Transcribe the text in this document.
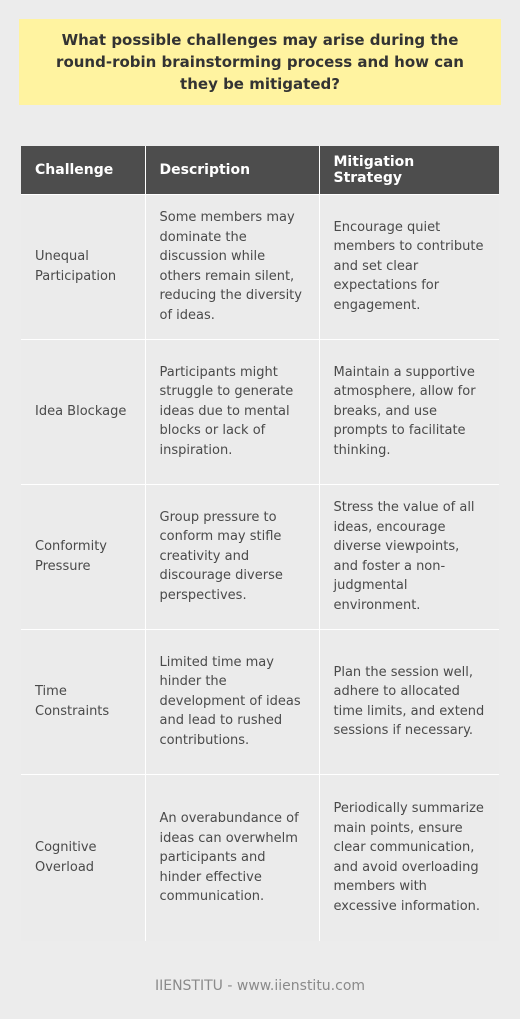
What possible challenges may arise during the round-robin brainstorming process and how can they be mitigated?

Challenge	Description	Mitigation Strategy
Unequal Participation	Some members may dominate the discussion while others remain silent, reducing the diversity of ideas.	Encourage quiet members to contribute and set clear expectations for engagement.
Idea Blockage	Participants might struggle to generate ideas due to mental blocks or lack of inspiration.	Maintain a supportive atmosphere, allow for breaks, and use prompts to facilitate thinking.
Conformity Pressure	Group pressure to conform may stifle creativity and discourage diverse perspectives.	Stress the value of all ideas, encourage diverse viewpoints, and foster a non-judgmental environment.
Time Constraints	Limited time may hinder the development of ideas and lead to rushed contributions.	Plan the session well, adhere to allocated time limits, and extend sessions if necessary.
Cognitive Overload	An overabundance of ideas can overwhelm participants and hinder effective communication.	Periodically summarize main points, ensure clear communication, and avoid overloading members with excessive information.
IIENSTITU - www.iienstitu.com
